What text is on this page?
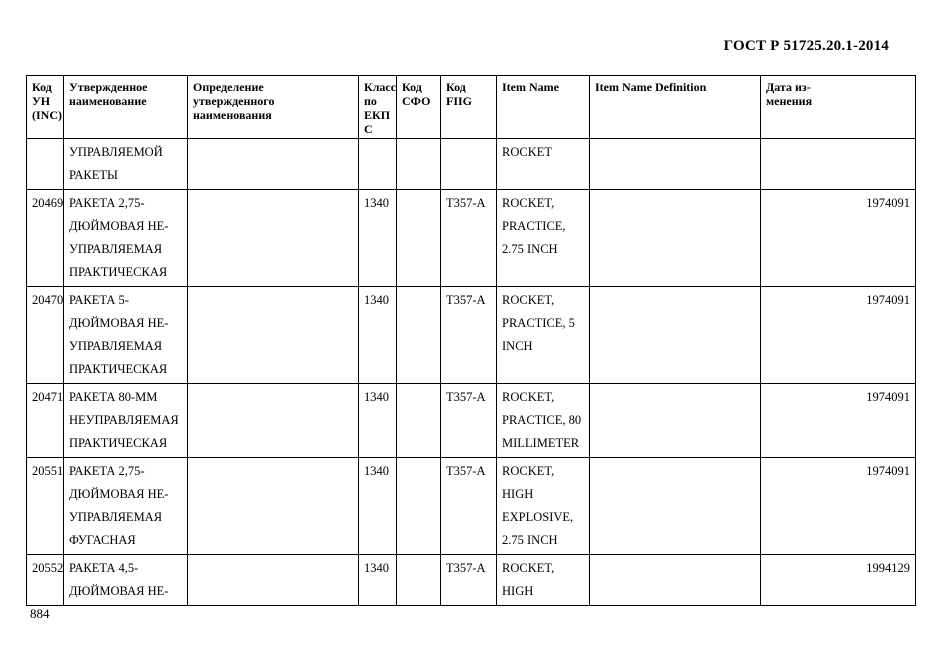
ГОСТ Р 51725.20.1-2014
Код
УН
(INC)	Утвержденное
наименование	Определение
утвержденного
наименования	Класс
по
ЕКП
С	Код
СФО	Код
FIIG	Item Name	Item Name Definition	Дата из-
менения

	УПРАВЛЯЕМОЙ
РАКЕТЫ					ROCKET		

20469	РАКЕТА 2,75-
ДЮЙМОВАЯ НЕ-
УПРАВЛЯЕМАЯ
ПРАКТИЧЕСКАЯ		1340		T357-A	ROCKET,
PRACTICE,
2.75 INCH		1974091
20470	РАКЕТА 5-
ДЮЙМОВАЯ НЕ-
УПРАВЛЯЕМАЯ
ПРАКТИЧЕСКАЯ		1340		T357-A	ROCKET,
PRACTICE, 5
INCH		1974091
20471	РАКЕТА 80-ММ
НЕУПРАВЛЯЕМАЯ
ПРАКТИЧЕСКАЯ		1340		T357-A	ROCKET,
PRACTICE, 80
MILLIMETER		1974091
20551	РАКЕТА 2,75-
ДЮЙМОВАЯ НЕ-
УПРАВЛЯЕМАЯ
ФУГАСНАЯ		1340		T357-A	ROCKET,
HIGH
EXPLOSIVE,
2.75 INCH		1974091
20552	РАКЕТА 4,5-
ДЮЙМОВАЯ НЕ-		1340		T357-A	ROCKET,
HIGH		1994129
884
